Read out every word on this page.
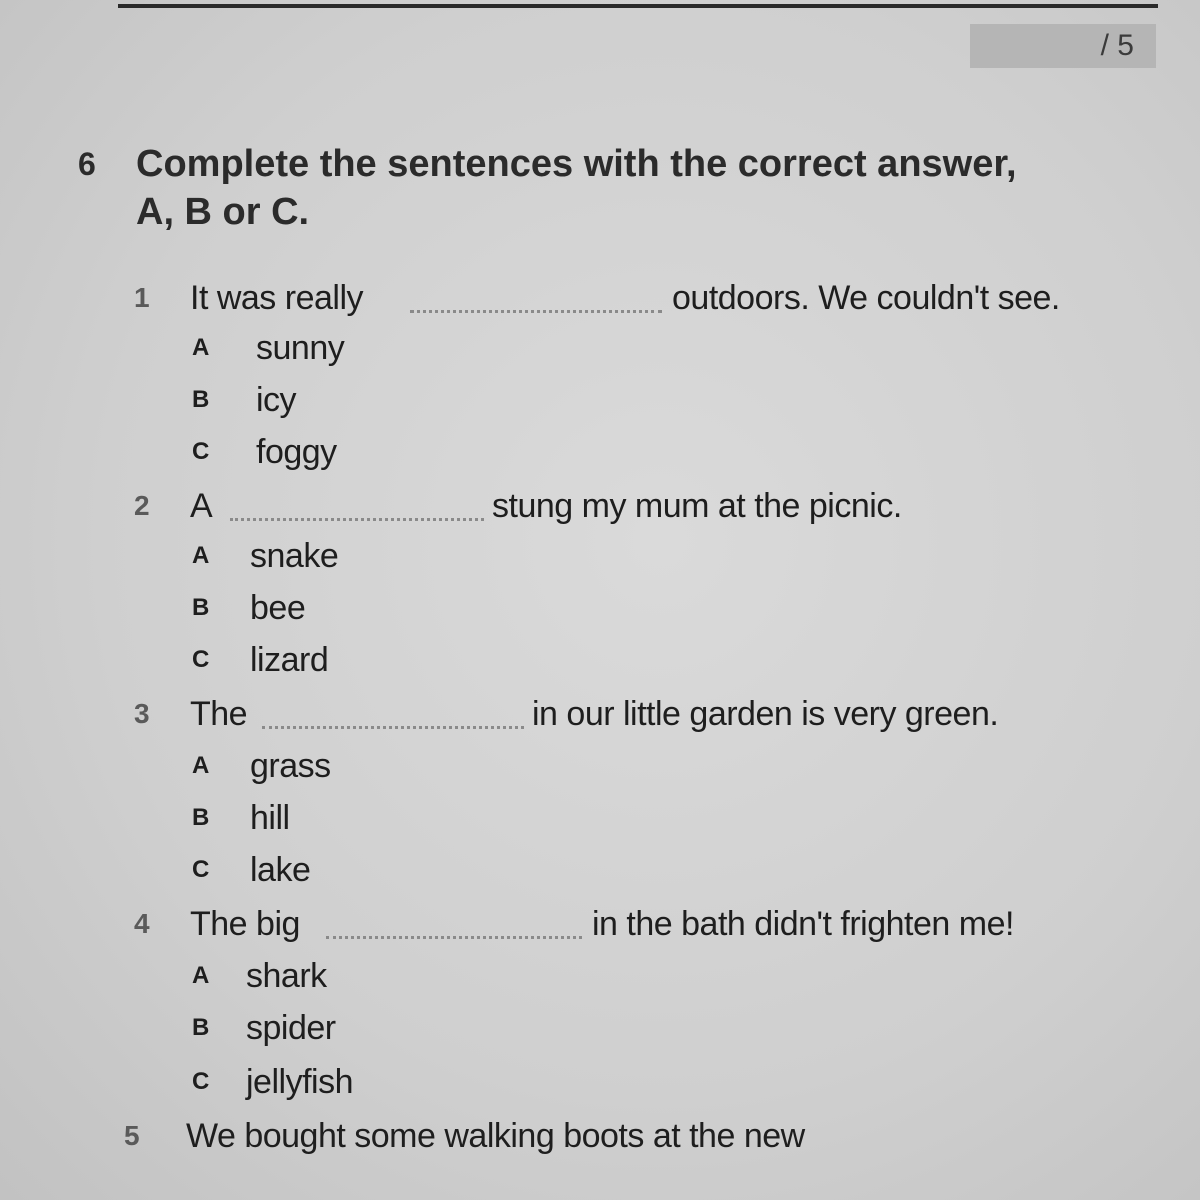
/ 5
6 Complete the sentences with the correct answer,
A, B or C.
1 It was really	outdoors. We couldn't see.
A sunny
B icy
C foggy
2 A	stung my mum at the picnic.
A snake
B bee
C lizard
3 The	in our little garden is very green.
A grass
B hill
C lake
4 The big	in the bath didn't frighten me!
A shark
B spider
C jellyfish
5 We bought some walking boots at the new
